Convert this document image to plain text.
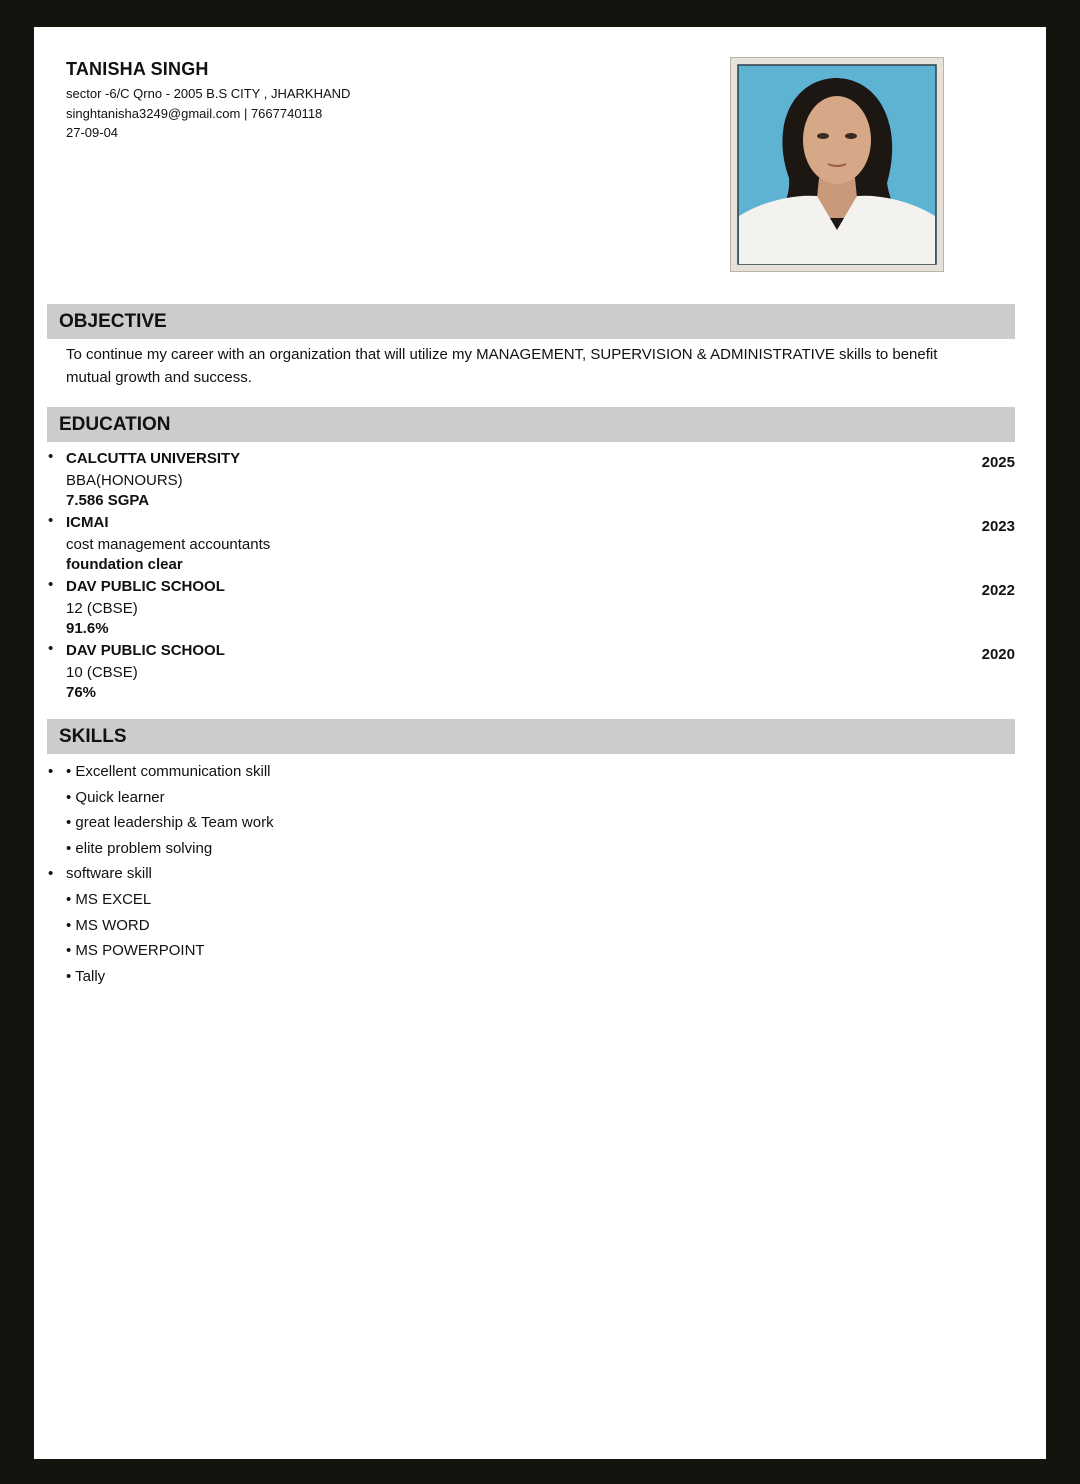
TANISHA SINGH
sector -6/C Qrno - 2005 B.S CITY , JHARKHAND
singhtanisha3249@gmail.com | 7667740118
27-09-04
OBJECTIVE
To continue my career with an organization that will utilize my MANAGEMENT, SUPERVISION & ADMINISTRATIVE skills to benefit mutual growth and success.
EDUCATION
• CALCUTTA UNIVERSITY
BBA(HONOURS)
7.586 SGPA
2025
• ICMAI
cost management accountants
foundation clear
2023
• DAV PUBLIC SCHOOL
12 (CBSE)
91.6%
2022
• DAV PUBLIC SCHOOL
10 (CBSE)
76%
2020
SKILLS
• • Excellent communication skill
• Quick learner
• great leadership & Team work
• elite problem solving
• software skill
• MS EXCEL
• MS WORD
• MS POWERPOINT
• Tally
